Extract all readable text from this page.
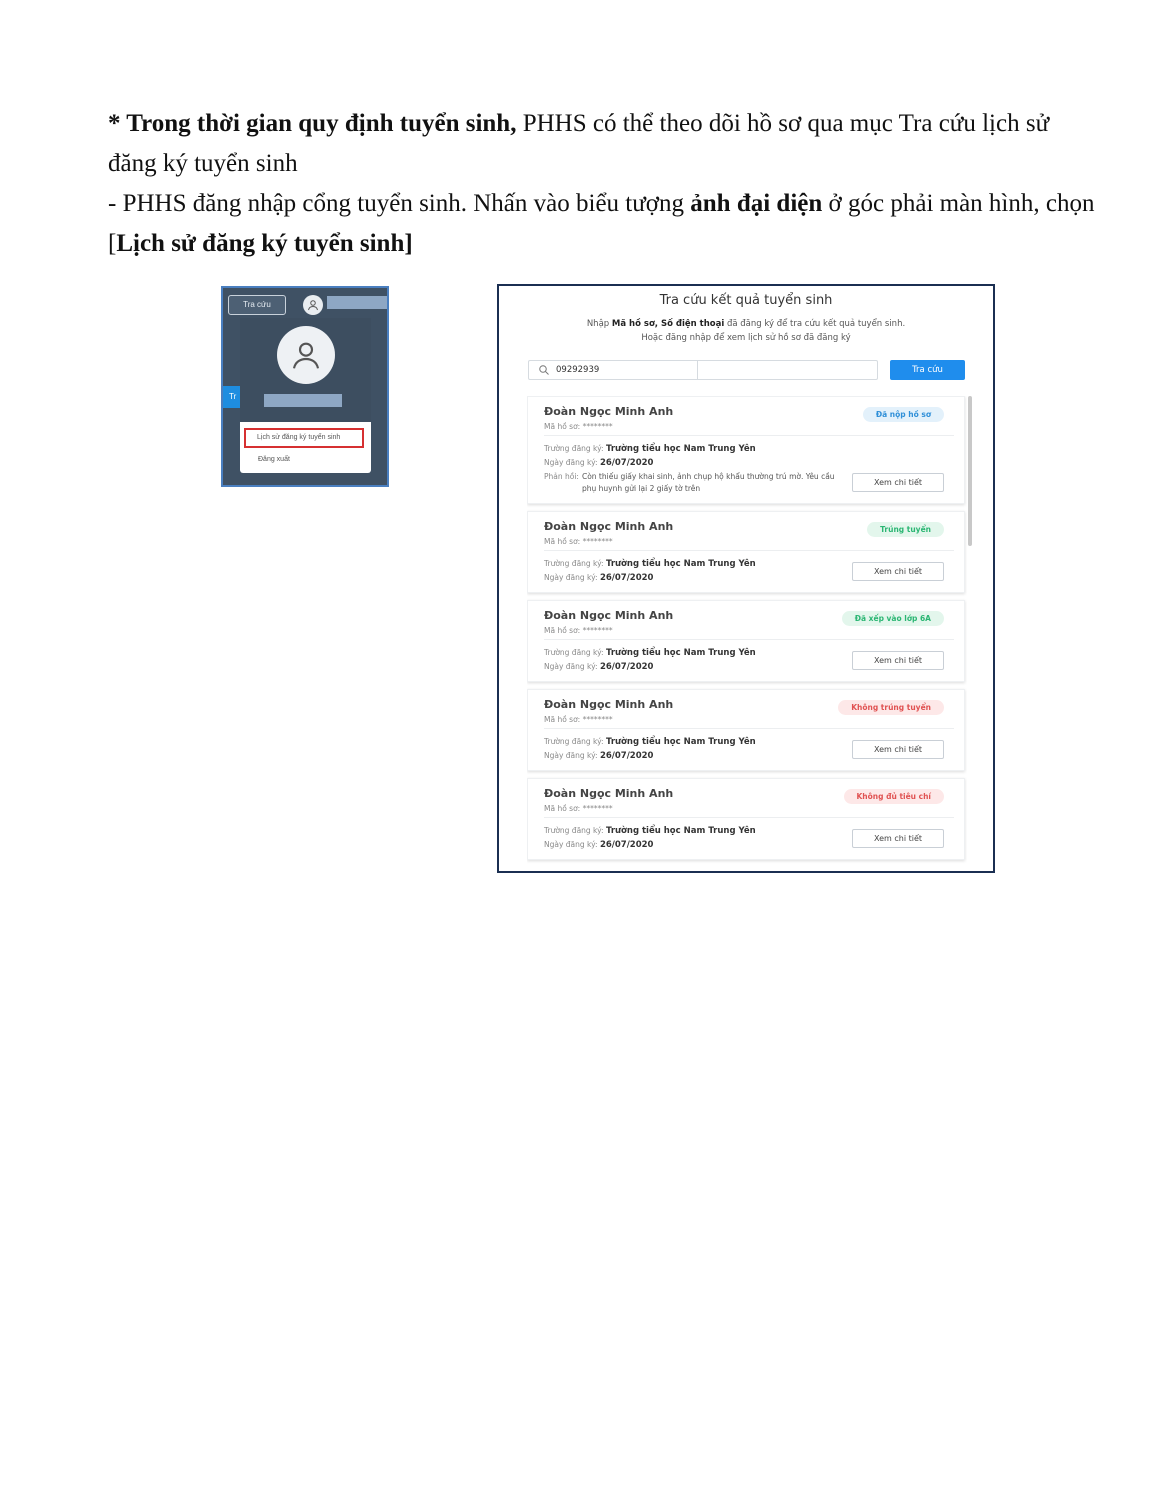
* Trong thời gian quy định tuyển sinh, PHHS có thể theo dõi hồ sơ qua mục Tra cứu lịch sử đăng ký tuyển sinh

- PHHS đăng nhập cổng tuyển sinh. Nhấn vào biểu tượng ảnh đại diện ở góc phải màn hình, chọn [Lịch sử đăng ký tuyển sinh]

Tra cứu
Tr
Lịch sử đăng ký tuyển sinh
Đăng xuất
Tra cứu kết quả tuyển sinh
Nhập Mã hồ sơ, Số điện thoại đã đăng ký để tra cứu kết quả tuyển sinh.
Hoặc đăng nhập để xem lịch sử hồ sơ đã đăng ký
09292939
Tra cứu
Đoàn Ngọc Minh Anh
Mã hồ sơ: ********
Trường đăng ký: Trường tiểu học Nam Trung Yên
Ngày đăng ký: 26/07/2020
Phản hồi: Còn thiếu giấy khai sinh, ảnh chụp hộ khẩu thường trú mờ. Yêu cầu phụ huynh gửi lại 2 giấy tờ trên
Đã nộp hồ sơ
Xem chi tiết
Đoàn Ngọc Minh Anh
Mã hồ sơ: ********
Trường đăng ký: Trường tiểu học Nam Trung Yên
Ngày đăng ký: 26/07/2020
Trúng tuyển
Xem chi tiết
Đoàn Ngọc Minh Anh
Mã hồ sơ: ********
Trường đăng ký: Trường tiểu học Nam Trung Yên
Ngày đăng ký: 26/07/2020
Đã xếp vào lớp 6A
Xem chi tiết
Đoàn Ngọc Minh Anh
Mã hồ sơ: ********
Trường đăng ký: Trường tiểu học Nam Trung Yên
Ngày đăng ký: 26/07/2020
Không trúng tuyển
Xem chi tiết
Đoàn Ngọc Minh Anh
Mã hồ sơ: ********
Trường đăng ký: Trường tiểu học Nam Trung Yên
Ngày đăng ký: 26/07/2020
Không đủ tiêu chí
Xem chi tiết
